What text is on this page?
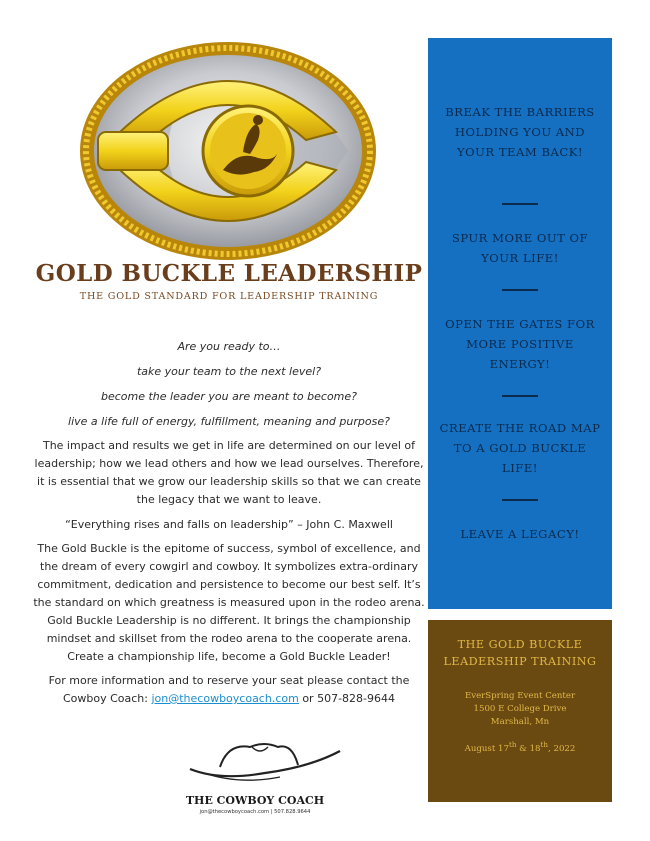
GOLD BUCKLE LEADERSHIP
THE GOLD STANDARD FOR LEADERSHIP TRAINING

Are you ready to…

take your team to the next level?

become the leader you are meant to become?

live a life full of energy, fulfillment, meaning and purpose?

The impact and results we get in life are determined on our level of leadership; how we lead others and how we lead ourselves. Therefore, it is essential that we grow our leadership skills so that we can create the legacy that we want to leave.

“Everything rises and falls on leadership” – John C. Maxwell

The Gold Buckle is the epitome of success, symbol of excellence, and the dream of every cowgirl and cowboy. It symbolizes extra-ordinary commitment, dedication and persistence to become our best self. It’s the standard on which greatness is measured upon in the rodeo arena. Gold Buckle Leadership is no different. It brings the championship mindset and skillset from the rodeo arena to the cooperate arena. Create a championship life, become a Gold Buckle Leader!

For more information and to reserve your seat please contact the
Cowboy Coach: jon@thecowboycoach.com or 507-828-9644

THE COWBOY COACH
jon@thecowboycoach.com | 507.828.9644
BREAK THE BARRIERS HOLDING YOU AND YOUR TEAM BACK!
SPUR MORE OUT OF YOUR LIFE!
OPEN THE GATES FOR MORE POSITIVE ENERGY!
CREATE THE ROAD MAP TO A GOLD BUCKLE LIFE!
LEAVE A LEGACY!
THE GOLD BUCKLE LEADERSHIP TRAINING
EverSpring Event Center
1500 E College Drive
Marshall, Mn
August 17th & 18th, 2022
